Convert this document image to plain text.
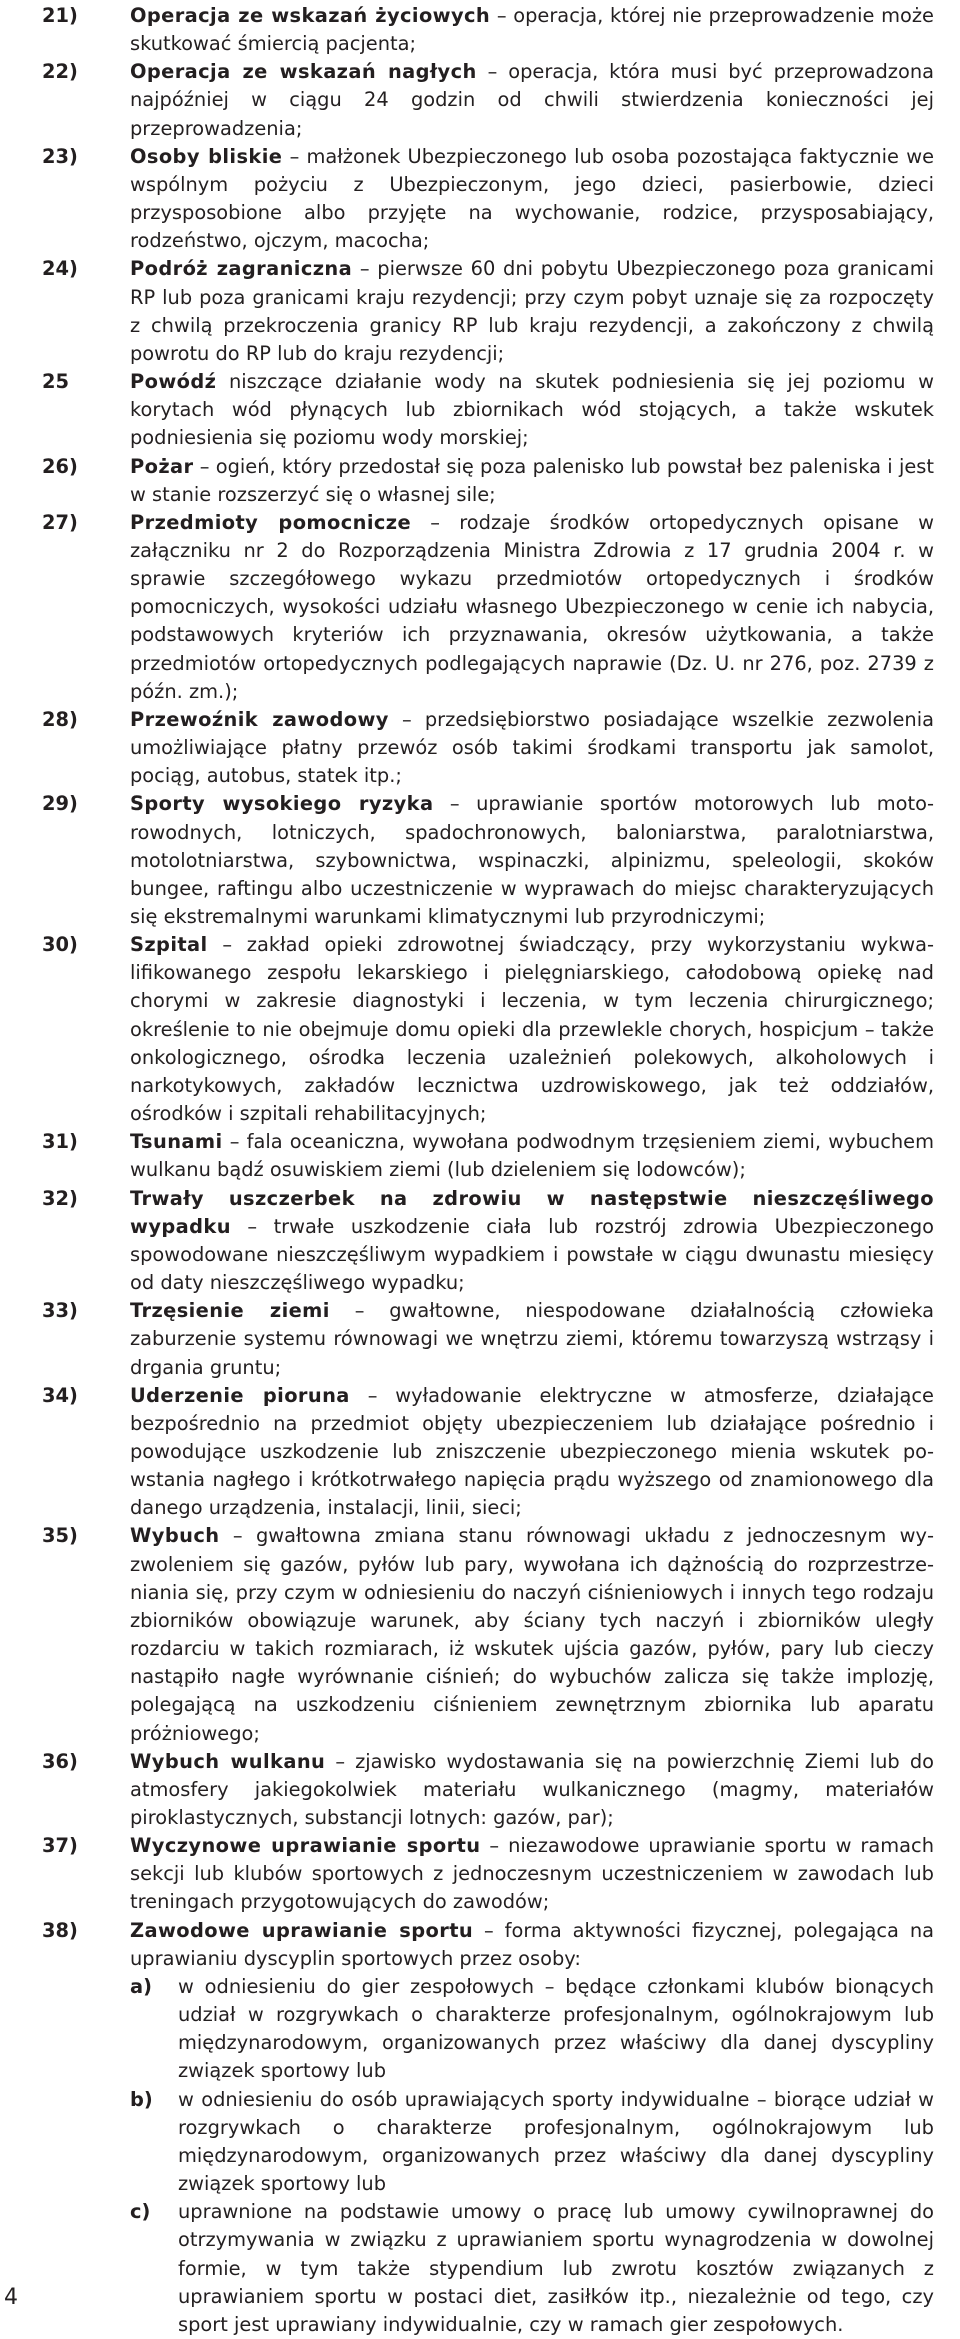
21)	Operacja ze wskazań życiowych – operacja, której nie przeprowadzenie może skutkować śmiercią pacjenta;
22)	Operacja ze wskazań nagłych – operacja, która musi być przeprowadzona najpóźniej w ciągu 24 godzin od chwili stwierdzenia konieczności jej przeprowadzenia;
23)	Osoby bliskie – małżonek Ubezpieczonego lub osoba pozostająca faktycznie we wspólnym pożyciu z Ubezpieczonym, jego dzieci, pasierbowie, dzieci przysposobione albo przyjęte na wychowanie, rodzice, przysposabiający, rodzeństwo, ojczym, macocha;
24)	Podróż zagraniczna – pierwsze 60 dni pobytu Ubezpieczonego poza granicami RP lub poza granicami kraju rezydencji; przy czym pobyt uznaje się za rozpoczęty z chwilą przekroczenia granicy RP lub kraju rezydencji, a zakończony z chwilą powrotu do RP lub do kraju rezydencji;
25	Powódź niszczące działanie wody na skutek podniesienia się jej poziomu w korytach wód płynących lub zbiornikach wód stojących, a także wskutek podniesienia się poziomu wody morskiej;
26)	Pożar – ogień, który przedostał się poza palenisko lub powstał bez paleniska i jest w stanie rozszerzyć się o własnej sile;
27)	Przedmioty pomocnicze – rodzaje środków ortopedycznych opisane w załączniku nr 2 do Rozporządzenia Ministra Zdrowia z 17 grudnia 2004 r. w sprawie szczegółowego wykazu przedmiotów ortopedycznych i środków pomocniczych, wysokości udziału własnego Ubezpieczonego w cenie ich nabycia, podstawowych kryteriów ich przyznawania, okresów użytkowania, a także przedmiotów ortopedycznych podlegających naprawie (Dz. U. nr 276, poz. 2739 z późn. zm.);
28)	Przewoźnik zawodowy – przedsiębiorstwo posiadające wszelkie zezwolenia umożliwiające płatny przewóz osób takimi środkami transportu jak samolot, pociąg, autobus, statek itp.;
29)	Sporty wysokiego ryzyka – uprawianie sportów motorowych lub motorowodnych, lotniczych, spadochronowych, baloniarstwa, paralotniarstwa, motolotniarstwa, szybownictwa, wspinaczki, alpinizmu, speleologii, skoków bungee, raftingu albo uczestniczenie w wyprawach do miejsc charakteryzujących się ekstremalnymi warunkami klimatycznymi lub przyrodniczymi;
30)	Szpital – zakład opieki zdrowotnej świadczący, przy wykorzystaniu wykwalifikowanego zespołu lekarskiego i pielęgniarskiego, całodobową opiekę nad chorymi w zakresie diagnostyki i leczenia, w tym leczenia chirurgicznego; określenie to nie obejmuje domu opieki dla przewlekle chorych, hospicjum – także onkologicznego, ośrodka leczenia uzależnień polekowych, alkoholowych i narkotykowych, zakładów lecznictwa uzdrowiskowego, jak też oddziałów, ośrodków i szpitali rehabilitacyjnych;
31)	Tsunami – fala oceaniczna, wywołana podwodnym trzęsieniem ziemi, wybuchem wulkanu bądź osuwiskiem ziemi (lub dzieleniem się lodowców);
32)	Trwały uszczerbek na zdrowiu w następstwie nieszczęśliwego wypadku – trwałe uszkodzenie ciała lub rozstrój zdrowia Ubezpieczonego spowodowane nieszczęśliwym wypadkiem i powstałe w ciągu dwunastu miesięcy od daty nieszczęśliwego wypadku;
33)	Trzęsienie ziemi – gwałtowne, niespodowane działalnością człowieka zaburzenie systemu równowagi we wnętrzu ziemi, któremu towarzyszą wstrząsy i drgania gruntu;
34)	Uderzenie pioruna – wyładowanie elektryczne w atmosferze, działające bezpośrednio na przedmiot objęty ubezpieczeniem lub działające pośrednio i powodujące uszkodzenie lub zniszczenie ubezpieczonego mienia wskutek powstania nagłego i krótkotrwałego napięcia prądu wyższego od znamionowego dla danego urządzenia, instalacji, linii, sieci;
35)	Wybuch – gwałtowna zmiana stanu równowagi układu z jednoczesnym wyzwoleniem się gazów, pyłów lub pary, wywołana ich dążnością do rozprzestrzeniania się, przy czym w odniesieniu do naczyń ciśnieniowych i innych tego rodzaju zbiorników obowiązuje warunek, aby ściany tych naczyń i zbiorników uległy rozdarciu w takich rozmiarach, iż wskutek ujścia gazów, pyłów, pary lub cieczy nastąpiło nagłe wyrównanie ciśnień; do wybuchów zalicza się także implozję, polegającą na uszkodzeniu ciśnieniem zewnętrznym zbiornika lub aparatu próżniowego;
36)	Wybuch wulkanu – zjawisko wydostawania się na powierzchnię Ziemi lub do atmosfery jakiegokolwiek materiału wulkanicznego (magmy, materiałów piroklastycznych, substancji lotnych: gazów, par);
37)	Wyczynowe uprawianie sportu – niezawodowe uprawianie sportu w ramach sekcji lub klubów sportowych z jednoczesnym uczestniczeniem w zawodach lub treningach przygotowujących do zawodów;
38)	Zawodowe uprawianie sportu – forma aktywności fizycznej, polegająca na uprawianiu dyscyplin sportowych przez osoby:
a) w odniesieniu do gier zespołowych – będące członkami klubów bionących udział w rozgrywkach o charakterze profesjonalnym, ogólnokrajowym lub międzynarodowym, organizowanych przez właściwy dla danej dyscypliny związek sportowy lub
b) w odniesieniu do osób uprawiających sporty indywidualne – biorące udział w rozgrywkach o charakterze profesjonalnym, ogólnokrajowym lub międzynarodowym, organizowanych przez właściwy dla danej dyscypliny związek sportowy lub
c) uprawnione na podstawie umowy o pracę lub umowy cywilnoprawnej do otrzymywania w związku z uprawianiem sportu wynagrodzenia w dowolnej formie, w tym także stypendium lub zwrotu kosztów związanych z uprawianiem sportu w postaci diet, zasiłków itp., niezależnie od tego, czy sport jest uprawiany indywidualnie, czy w ramach gier zespołowych.
4
